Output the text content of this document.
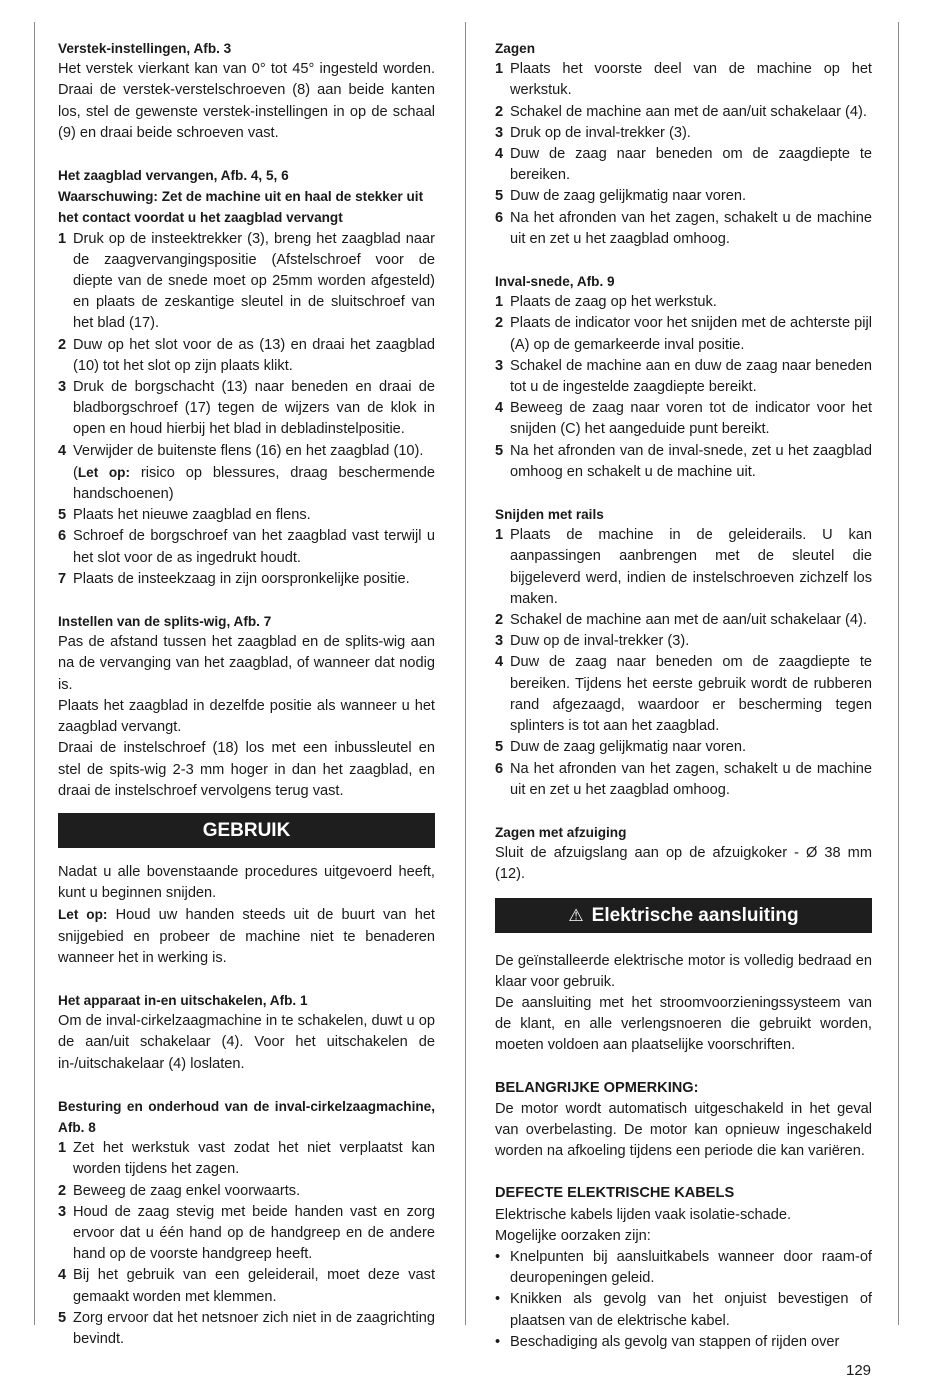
Verstek-instellingen, Afb. 3

Het verstek vierkant kan van 0° tot 45° ingesteld worden. Draai de verstek-verstelschroeven (8) aan beide kanten los, stel de gewenste verstek-instellingen in op de schaal (9) en draai beide schroeven vast.

Het zaagblad vervangen, Afb. 4, 5, 6
Waarschuwing: Zet de machine uit en haal de stekker uit het contact voordat u het zaagblad vervangt
1 Druk op de insteektrekker (3), breng het zaagblad naar de zaagvervangingspositie (Afstelschroef voor de diepte van de snede moet op 25mm worden afgesteld) en plaats de zeskantige sleutel in de sluitschroef van het blad (17).
2 Duw op het slot voor de as (13) en draai het zaagblad (10) tot het slot op zijn plaats klikt.
3 Druk de borgschacht (13) naar beneden en draai de bladborgschroef (17) tegen de wijzers van de klok in open en houd hierbij het blad in debladinstelpositie.
4 Verwijder de buitenste flens (16) en het zaagblad (10).
(Let op: risico op blessures, draag beschermende handschoenen)
5 Plaats het nieuwe zaagblad en flens.
6 Schroef de borgschroef van het zaagblad vast terwijl u het slot voor de as ingedrukt houdt.
7 Plaats de insteekzaag in zijn oorspronkelijke positie.
Instellen van de splits-wig, Afb. 7

Pas de afstand tussen het zaagblad en de splits-wig aan na de vervanging van het zaagblad, of wanneer dat nodig is.

Plaats het zaagblad in dezelfde positie als wanneer u het zaagblad vervangt.

Draai de instelschroef (18) los met een inbussleutel en stel de spits-wig 2-3 mm hoger in dan het zaagblad, en draai de instelschroef vervolgens terug vast.

GEBRUIK

Nadat u alle bovenstaande procedures uitgevoerd heeft, kunt u beginnen snijden.

Let op: Houd uw handen steeds uit de buurt van het snijgebied en probeer de machine niet te benaderen wanneer het in werking is.

Het apparaat in-en uitschakelen, Afb. 1

Om de inval-cirkelzaagmachine in te schakelen, duwt u op de aan/uit schakelaar (4). Voor het uitschakelen de in-/uitschakelaar (4) loslaten.

Besturing en onderhoud van de inval-cirkelzaagmachine, Afb. 8
1 Zet het werkstuk vast zodat het niet verplaatst kan worden tijdens het zagen.
2 Beweeg de zaag enkel voorwaarts.
3 Houd de zaag stevig met beide handen vast en zorg ervoor dat u één hand op de handgreep en de andere hand op de voorste handgreep heeft.
4 Bij het gebruik van een geleiderail, moet deze vast gemaakt worden met klemmen.
5 Zorg ervoor dat het netsnoer zich niet in de zaagrichting bevindt.
Zagen
1 Plaats het voorste deel van de machine op het werkstuk.
2 Schakel de machine aan met de aan/uit schakelaar (4).
3 Druk op de inval-trekker (3).
4 Duw de zaag naar beneden om de zaagdiepte te bereiken.
5 Duw de zaag gelijkmatig naar voren.
6 Na het afronden van het zagen, schakelt u de machine uit en zet u het zaagblad omhoog.
Inval-snede, Afb. 9
1 Plaats de zaag op het werkstuk.
2 Plaats de indicator voor het snijden met de achterste pijl (A) op de gemarkeerde inval positie.
3 Schakel de machine aan en duw de zaag naar beneden tot u de ingestelde zaagdiepte bereikt.
4 Beweeg de zaag naar voren tot de indicator voor het snijden (C) het aangeduide punt bereikt.
5 Na het afronden van de inval-snede, zet u het zaagblad omhoog en schakelt u de machine uit.
Snijden met rails
1 Plaats de machine in de geleiderails. U kan aanpassingen aanbrengen met de sleutel die bijgeleverd werd, indien de instelschroeven zichzelf los maken.
2 Schakel de machine aan met de aan/uit schakelaar (4).
3 Duw op de inval-trekker (3).
4 Duw de zaag naar beneden om de zaagdiepte te bereiken. Tijdens het eerste gebruik wordt de rubberen rand afgezaagd, waardoor er bescherming tegen splinters is tot aan het zaagblad.
5 Duw de zaag gelijkmatig naar voren.
6 Na het afronden van het zagen, schakelt u de machine uit en zet u het zaagblad omhoog.
Zagen met afzuiging

Sluit de afzuigslang aan op de afzuigkoker - Ø 38 mm (12).

⚠ Elektrische aansluiting

De geïnstalleerde elektrische motor is volledig bedraad en klaar voor gebruik.

De aansluiting met het stroomvoorzieningssysteem van de klant, en alle verlengsnoeren die gebruikt worden, moeten voldoen aan plaatselijke voorschriften.

BELANGRIJKE OPMERKING:

De motor wordt automatisch uitgeschakeld in het geval van overbelasting. De motor kan opnieuw ingeschakeld worden na afkoeling tijdens een periode die kan variëren.

DEFECTE ELEKTRISCHE KABELS

Elektrische kabels lijden vaak isolatie-schade.

Mogelijke oorzaken zijn:

• Knelpunten bij aansluitkabels wanneer door raam-of deuropeningen geleid.
• Knikken als gevolg van het onjuist bevestigen of plaatsen van de elektrische kabel.
• Beschadiging als gevolg van stappen of rijden over
129
